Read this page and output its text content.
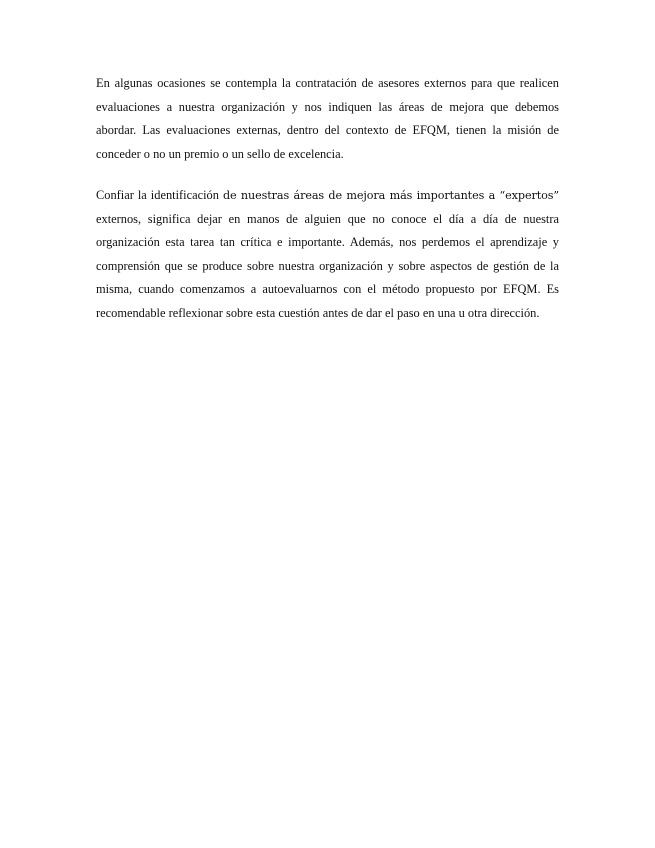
En algunas ocasiones se contempla la contratación de asesores externos para que realicen
evaluaciones a nuestra organización y nos indiquen las áreas de mejora que debemos
abordar. Las evaluaciones externas, dentro del contexto de EFQM, tienen la misión de
conceder o no un premio o un sello de excelencia.
Confiar la identificación de nuestras áreas de mejora más importantes a “expertos”
externos, significa dejar en manos de alguien que no conoce el día a día de nuestra
organización esta tarea tan crítica e importante. Además, nos perdemos el aprendizaje y
comprensión que se produce sobre nuestra organización y sobre aspectos de gestión de la
misma, cuando comenzamos a autoevaluarnos con el método propuesto por EFQM. Es
recomendable reflexionar sobre esta cuestión antes de dar el paso en una u otra dirección.
